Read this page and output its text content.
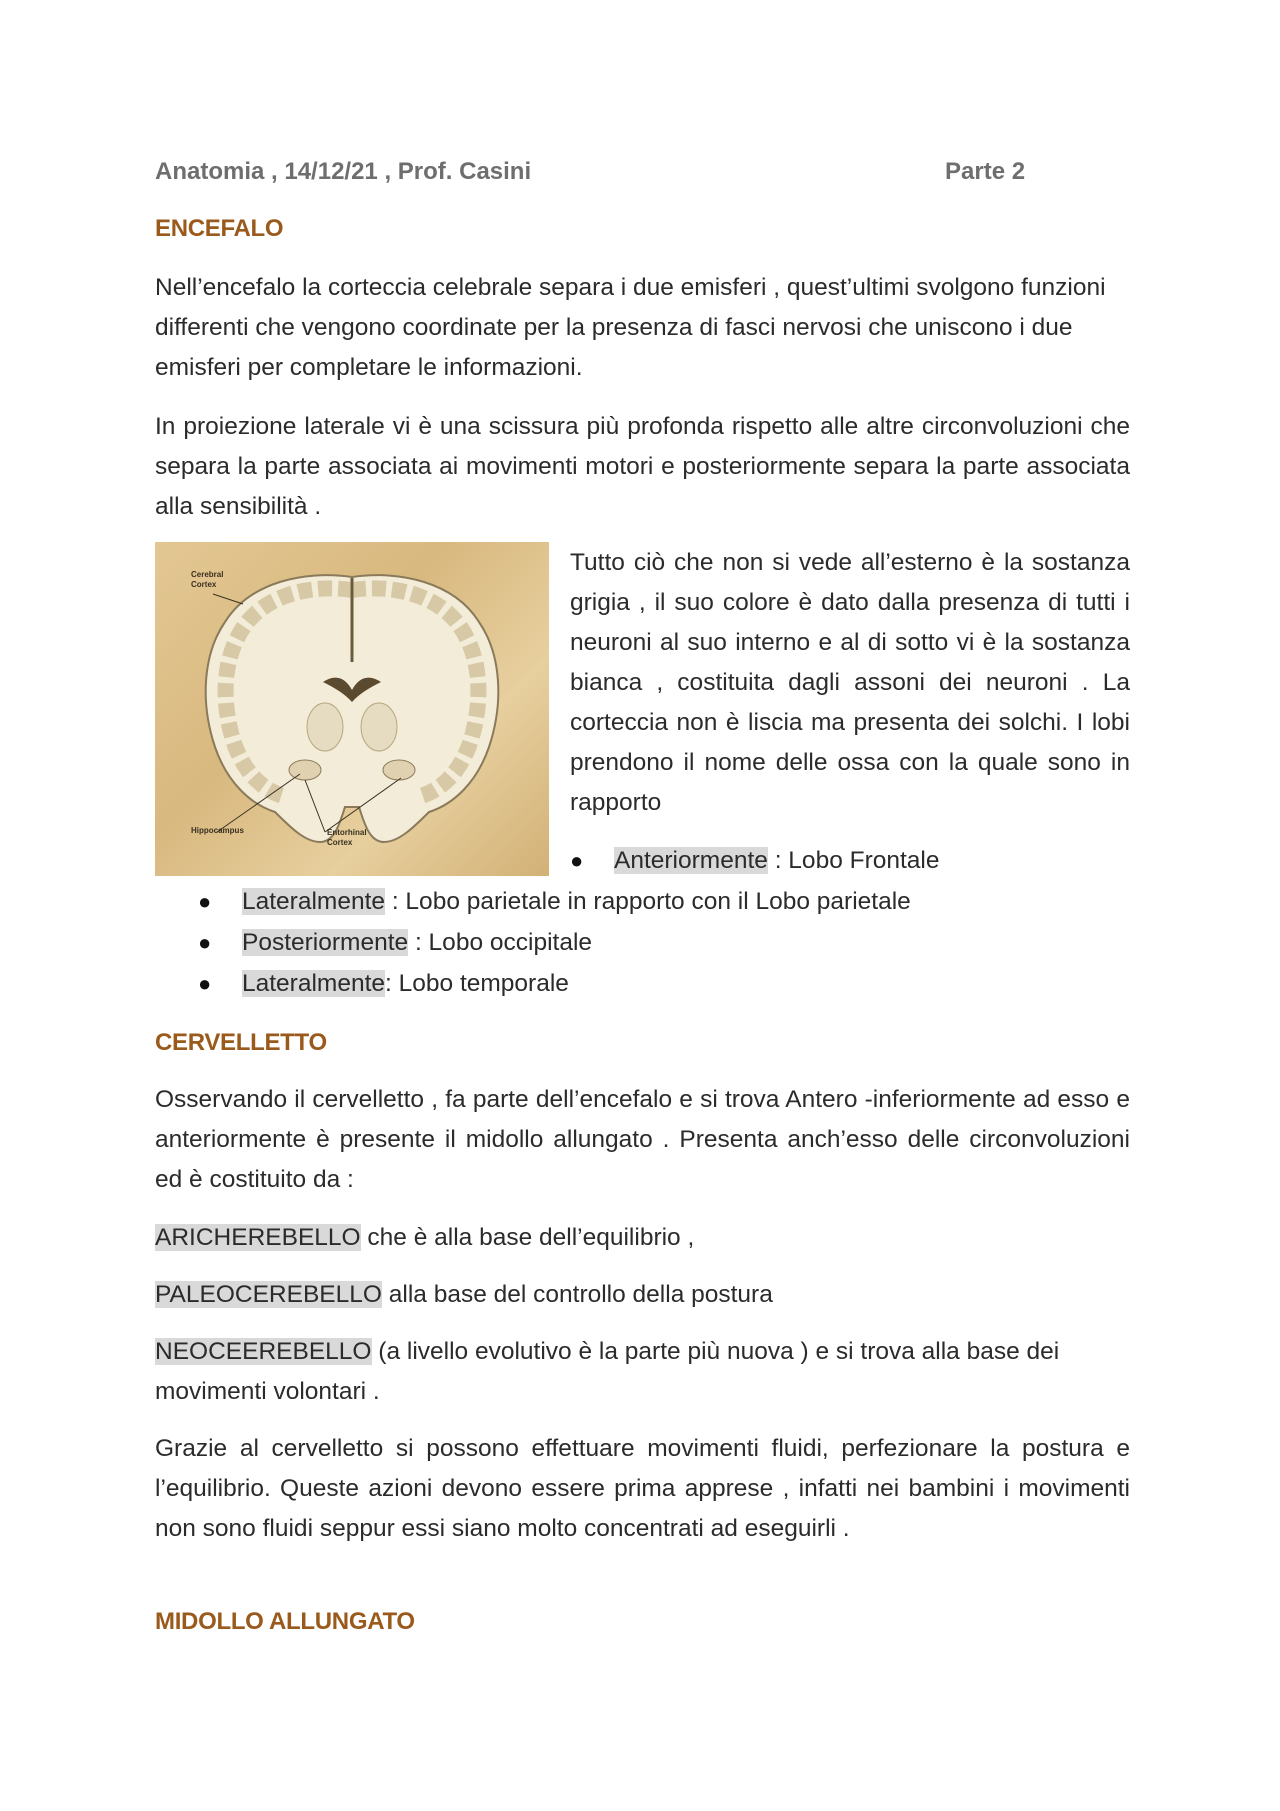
Anatomia , 14/12/21 , Prof. Casini	Parte 2
ENCEFALO

Nell’encefalo la corteccia celebrale separa i due emisferi , quest’ultimi svolgono funzioni differenti che vengono coordinate per la presenza di fasci nervosi che uniscono i due emisferi per completare le informazioni.

In proiezione laterale vi è una scissura più profonda rispetto alle altre circonvoluzioni che separa la parte associata ai movimenti motori e posteriormente separa la parte associata alla sensibilità .

Cerebral Cortex
Hippocampus	Entorhinal Cortex

Tutto ciò che non si vede all’esterno è la sostanza grigia , il suo colore è dato dalla presenza di tutti i neuroni al suo interno e al di sotto vi è la sostanza bianca , costituita dagli assoni dei neuroni . La corteccia non è liscia ma presenta dei solchi. I lobi prendono il nome delle ossa con la quale sono in rapporto

● Anteriormente : Lobo Frontale
● Lateralmente : Lobo parietale in rapporto con il Lobo parietale
● Posteriormente : Lobo occipitale
● Lateralmente: Lobo temporale
CERVELLETTO

Osservando il cervelletto , fa parte dell’encefalo e si trova Antero -inferiormente ad esso e anteriormente è presente il midollo allungato . Presenta anch’esso delle circonvoluzioni ed è costituito da :

ARICHEREBELLO che è alla base dell’equilibrio ,

PALEOCEREBELLO alla base del controllo della postura

NEOCEEREBELLO (a livello evolutivo è la parte più nuova ) e si trova alla base dei movimenti volontari .

Grazie al cervelletto si possono effettuare movimenti fluidi, perfezionare la postura e l’equilibrio. Queste azioni devono essere prima apprese , infatti nei bambini i movimenti non sono fluidi seppur essi siano molto concentrati ad eseguirli .

MIDOLLO ALLUNGATO
